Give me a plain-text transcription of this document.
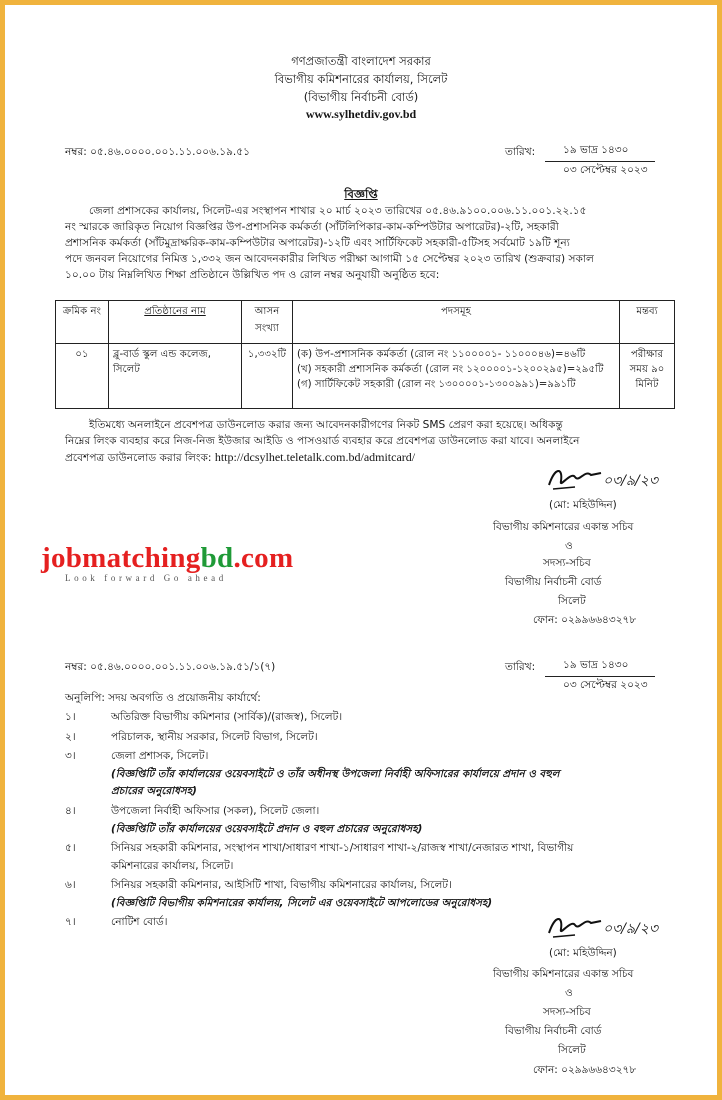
গণপ্রজাতন্ত্রী বাংলাদেশ সরকার
বিভাগীয় কমিশনারের কার্যালয়, সিলেট
(বিভাগীয় নির্বাচনী বোর্ড)
www.sylhetdiv.gov.bd
নম্বর: ০৫.৪৬.০০০০.০০১.১১.০০৬.১৯.৫১	তারিখ:	১৯ ভাদ্র ১৪৩০
০৩ সেপ্টেম্বর ২০২৩
বিজ্ঞপ্তি
জেলা প্রশাসকের কার্যালয়, সিলেট-এর সংস্থাপন শাখার ২০ মার্চ ২০২৩ তারিখের ০৫.৪৬.৯১০০.০০৬.১১.০০১.২২.১৫
নং স্মারকে জারিকৃত নিয়োগ বিজ্ঞপ্তির উপ-প্রশাসনিক কর্মকর্তা (সাঁটলিপিকার-কাম-কম্পিউটার অপারেটর)-২টি, সহকারী
প্রশাসনিক কর্মকর্তা (সাঁটমুদ্রাক্ষরিক-কাম-কম্পিউটার অপারেটর)-১২টি এবং সার্টিফিকেট সহকারী-৫টিসহ সর্বমোট ১৯টি শূন্য
পদে জনবল নিয়োগের নিমিত্ত ১,৩৩২ জন আবেদনকারীর লিখিত পরীক্ষা আগামী ১৫ সেপ্টেম্বর ২০২৩ তারিখ (শুক্রবার) সকাল
১০.০০ টায় নিম্নলিখিত শিক্ষা প্রতিষ্ঠানে উল্লিখিত পদ ও রোল নম্বর অনুযায়ী অনুষ্ঠিত হবে:
ক্রমিক নং	প্রতিষ্ঠানের নাম	আসন সংখ্যা	পদসমূহ	মন্তব্য
০১	ব্লু-বার্ড স্কুল এন্ড কলেজ, সিলেট	১,৩৩২টি	(ক) উপ-প্রশাসনিক কর্মকর্তা (রোল নং ১১০০০০১- ১১০০০৪৬)=৪৬টি
(খ) সহকারী প্রশাসনিক কর্মকর্তা (রোল নং ১২০০০০১-১২০০২৯৫)=২৯৫টি
(গ) সার্টিফিকেট সহকারী (রোল নং ১৩০০০০১-১৩০০৯৯১)=৯৯১টি	পরীক্ষার সময় ৯০ মিনিট
ইতিমধ্যে অনলাইনে প্রবেশপত্র ডাউনলোড করার জন্য আবেদনকারীগণের নিকট SMS প্রেরণ করা হয়েছে। অধিকন্তু
নিম্নের লিংক ব্যবহার করে নিজ-নিজ ইউজার আইডি ও পাসওয়ার্ড ব্যবহার করে প্রবেশপত্র ডাউনলোড করা যাবে। অনলাইনে
প্রবেশপত্র ডাউনলোড করার লিংক: http://dcsylhet.teletalk.com.bd/admitcard/
০৩/৯/২৩
(মো: মহিউদ্দিন)
বিভাগীয় কমিশনারের একান্ত সচিব
ও
সদস্য-সচিব
বিভাগীয় নির্বাচনী বোর্ড
সিলেট
ফোন: ০২৯৯৬৬৪৩২৭৮
jobmatchingbd.com
Look forward Go ahead
নম্বর: ০৫.৪৬.০০০০.০০১.১১.০০৬.১৯.৫১/১(৭)	তারিখ:	১৯ ভাদ্র ১৪৩০
০৩ সেপ্টেম্বর ২০২৩
অনুলিপি: সদয় অবগতি ও প্রয়োজনীয় কার্যার্থে:
১।	অতিরিক্ত বিভাগীয় কমিশনার (সার্বিক)/(রাজস্ব), সিলেট।
২।	পরিচালক, স্থানীয় সরকার, সিলেট বিভাগ, সিলেট।
৩।	জেলা প্রশাসক, সিলেট।
(বিজ্ঞপ্তিটি তাঁর কার্যালয়ের ওয়েবসাইটে ও তাঁর অধীনস্থ উপজেলা নির্বাহী অফিসারের কার্যালয়ে প্রদান ও বহুল
প্রচারের অনুরোধসহ)
৪।	উপজেলা নির্বাহী অফিসার (সকল), সিলেট জেলা।
(বিজ্ঞপ্তিটি তাঁর কার্যালয়ের ওয়েবসাইটে প্রদান ও বহুল প্রচারের অনুরোধসহ)
৫।	সিনিয়র সহকারী কমিশনার, সংস্থাপন শাখা/সাধারণ শাখা-১/সাধারণ শাখা-২/রাজস্ব শাখা/নেজারত শাখা, বিভাগীয়
কমিশনারের কার্যালয়, সিলেট।
৬।	সিনিয়র সহকারী কমিশনার, আইসিটি শাখা, বিভাগীয় কমিশনারের কার্যালয়, সিলেট।
(বিজ্ঞপ্তিটি বিভাগীয় কমিশনারের কার্যালয়, সিলেট এর ওয়েবসাইটে আপলোডের অনুরোধসহ)
৭।	নোটিশ বোর্ড।	০৩/৯/২৩
(মো: মহিউদ্দিন)
বিভাগীয় কমিশনারের একান্ত সচিব
ও
সদস্য-সচিব
বিভাগীয় নির্বাচনী বোর্ড
সিলেট
ফোন: ০২৯৯৬৬৪৩২৭৮
